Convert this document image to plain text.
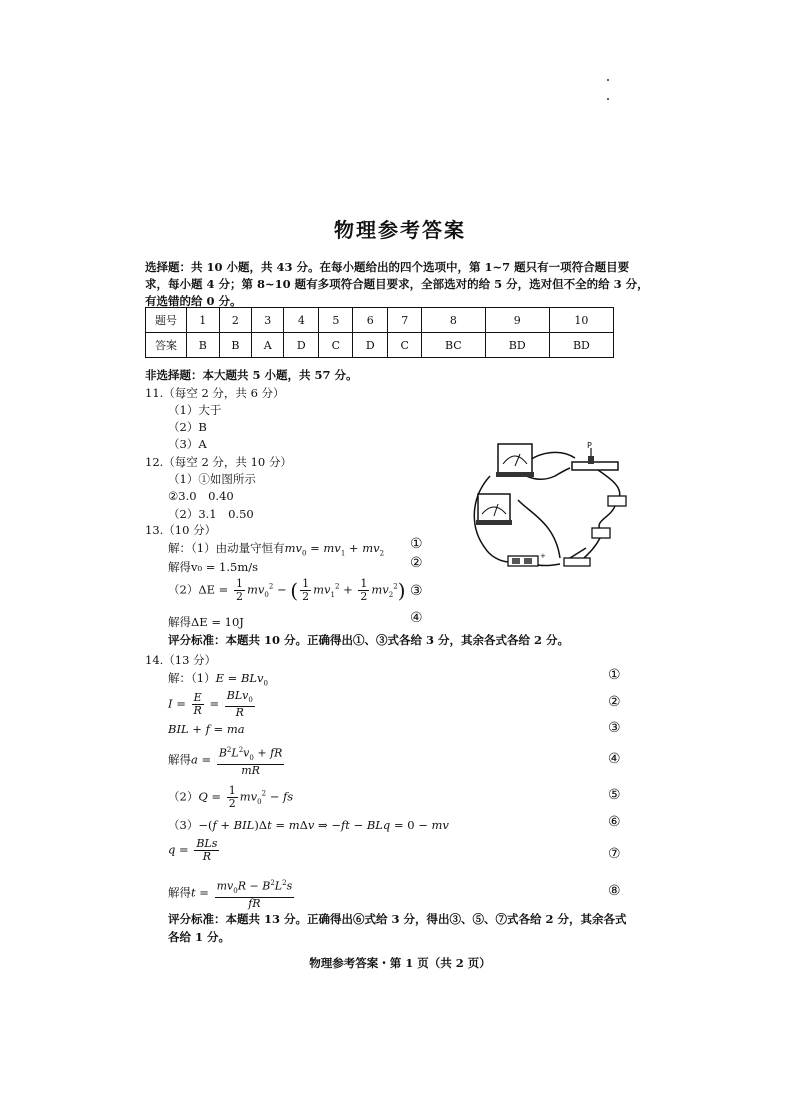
物理参考答案
选择题：共 10 小题，共 43 分。在每小题给出的四个选项中，第 1~7 题只有一项符合题目要
求，每小题 4 分；第 8~10 题有多项符合题目要求，全部选对的给 5 分，选对但不全的给 3 分，
有选错的给 0 分。
题号	1	2	3	4	5	6	7	8	9	10
答案	B	B	A	D	C	D	C	BC	BD	BD
非选择题：本大题共 5 小题，共 57 分。
11.（每空 2 分，共 6 分）
（1）大于
（2）B
（3）A
12.（每空 2 分，共 10 分）
（1）①如图所示
②3.0　0.40
（2）3.1　0.50
P
+
13.（10 分）
解：（1）由动量守恒有$mv_0 = mv_1 + mv_2$
解得v₀ = 1.5m/s
$(2)\Delta E = \frac{1}{2} mv_0^2$ − ( $\frac{1}{2} mv_1^2 + \frac{1}{2} mv_2^2$)
解得ΔE = 10J
①
②
③
④
评分标准：本题共 10 分。正确得出①、③式各给 3 分，其余各式各给 2 分。
14.（13 分）
解：（1）E = BLv$_0$
$I = \frac{E}{R} = \frac{BLv_0}{R}$
BIL + f = ma
解得$a = \frac{B^2L^2v_0 + fR}{mR}$
$(2)Q = \frac{1}{2} mv_0^2$ − fs
（3）−(f + BIL)Δt = mΔv ⇒ −ft − BLq = 0 − mv
$q = \frac{\text{BLs}}{R}$
解得$t = \frac{mv_0R - B^2L^2s}{fR}$
①
②
③
④
⑤
⑥
⑦
⑧
评分标准：本题共 13 分。正确得出⑥式给 3 分，得出③、⑤、⑦式各给 2 分，其余各式
各给 1 分。
物理参考答案・第 1 页（共 2 页）
